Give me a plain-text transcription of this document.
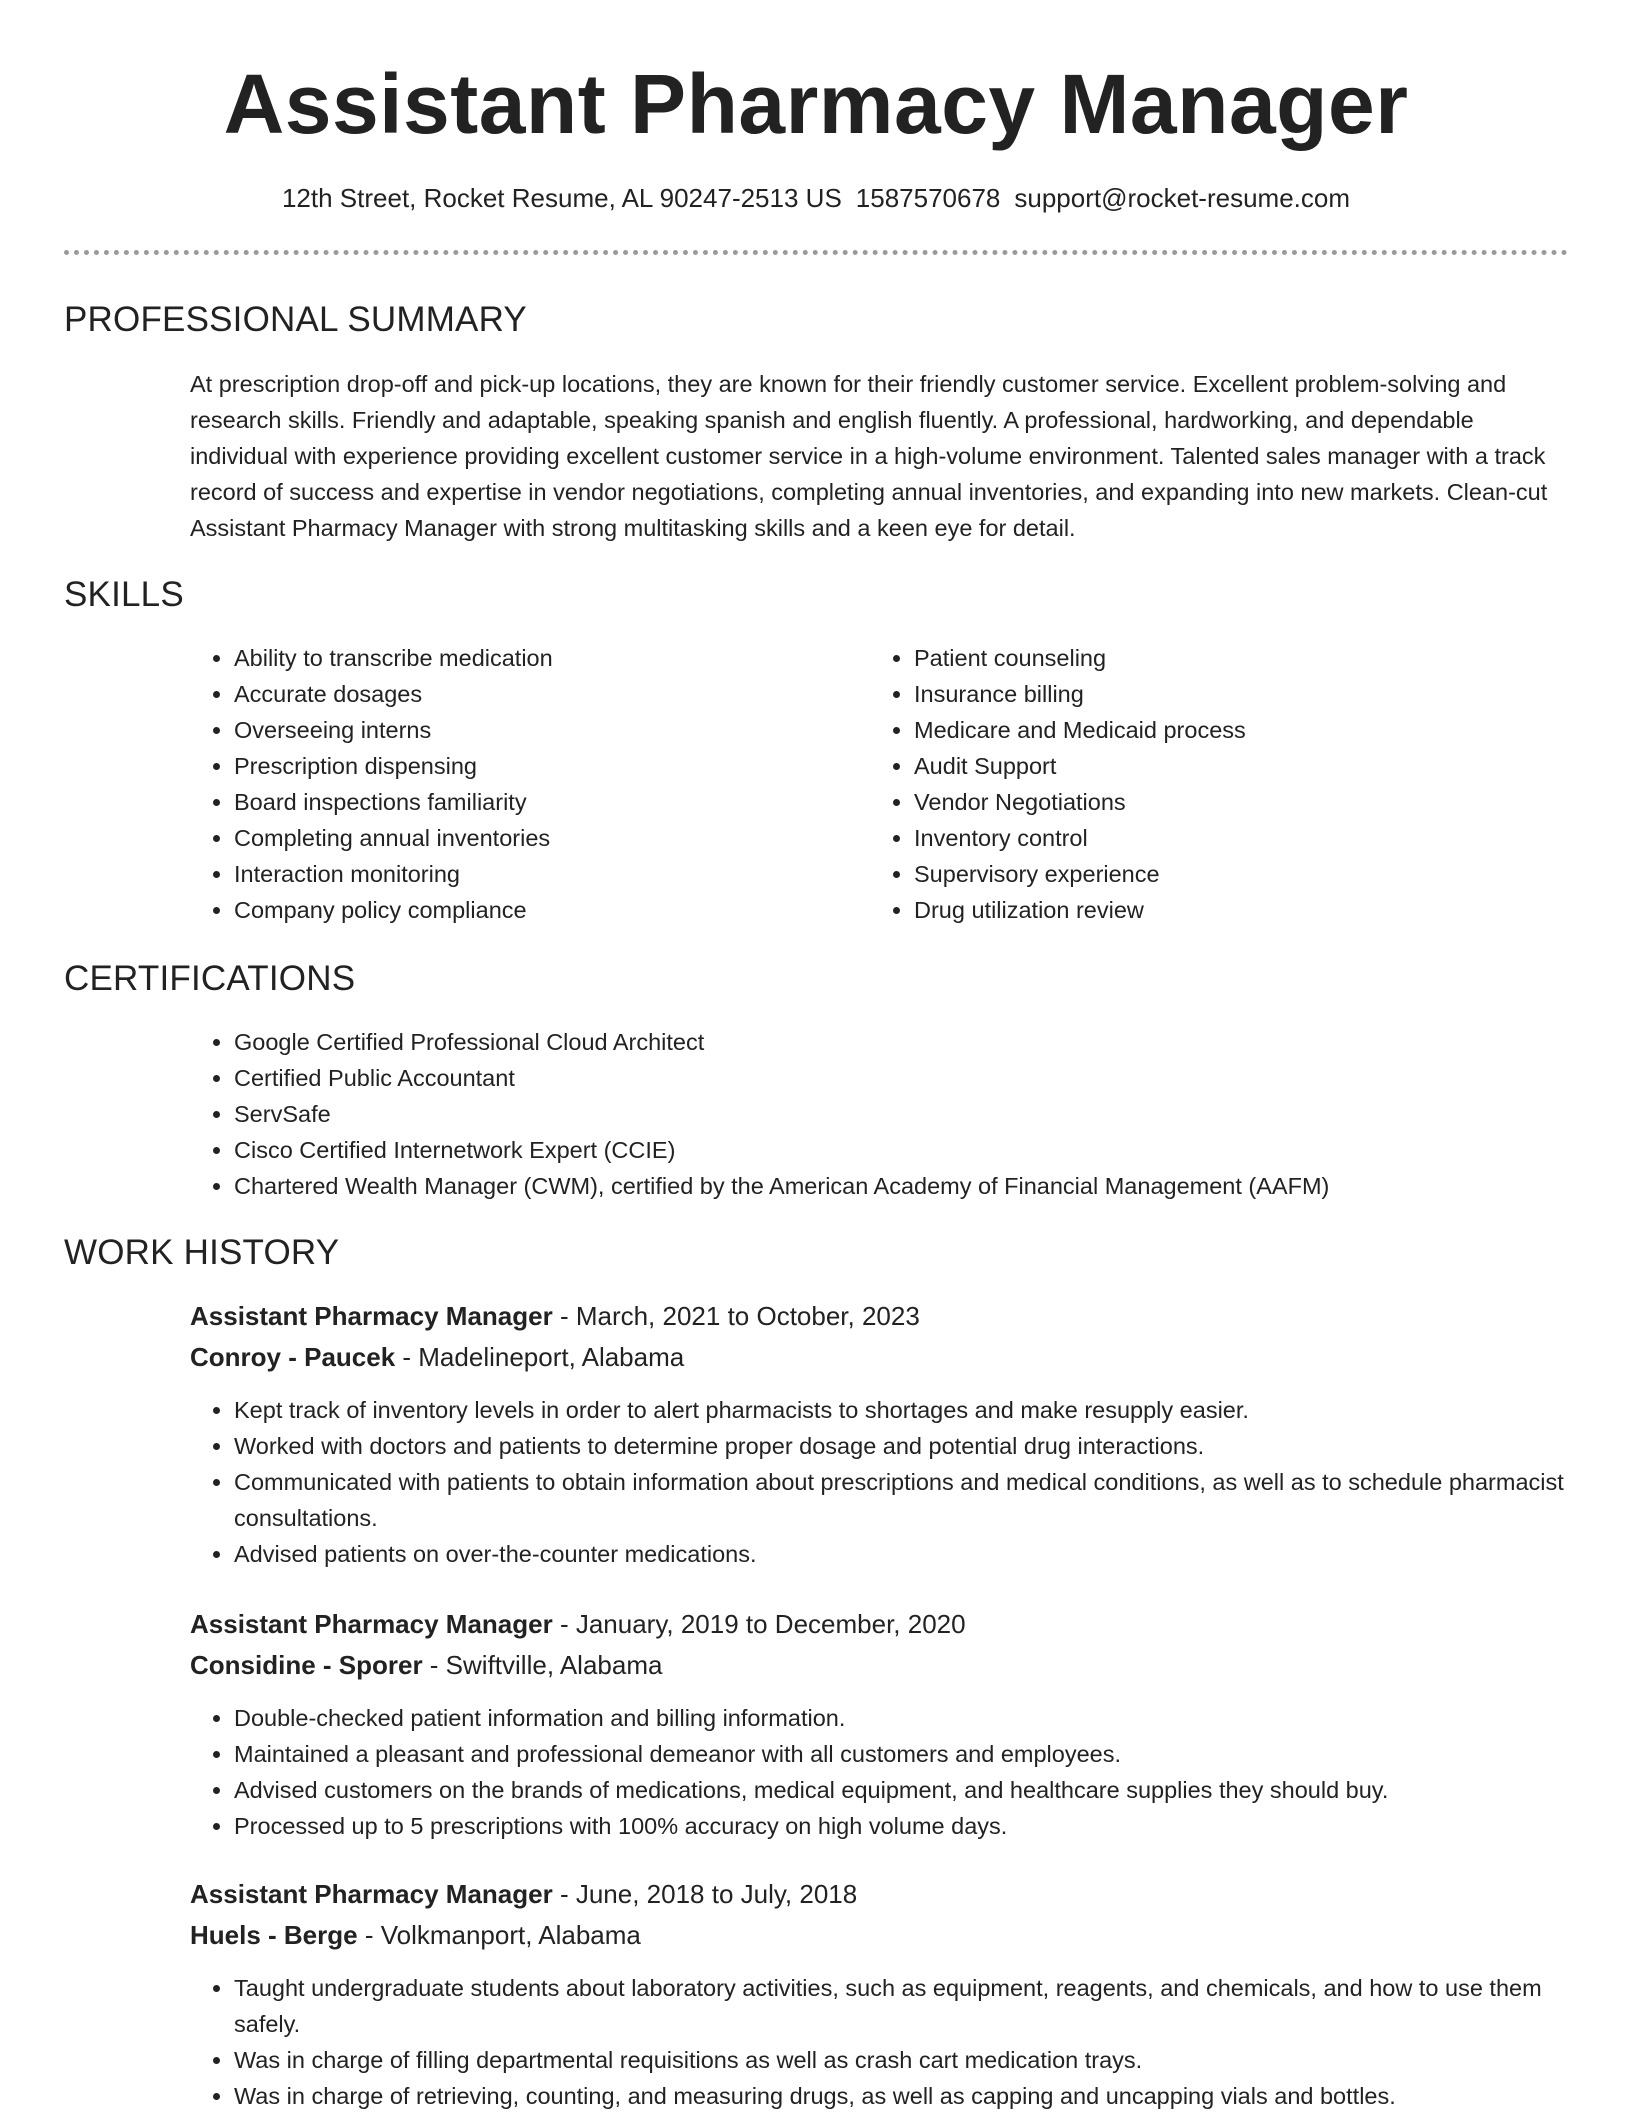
Assistant Pharmacy Manager
12th Street, Rocket Resume, AL 90247-2513 US 1587570678 support@rocket-resume.com
PROFESSIONAL SUMMARY

At prescription drop-off and pick-up locations, they are known for their friendly customer service. Excellent problem-solving and research skills. Friendly and adaptable, speaking spanish and english fluently. A professional, hardworking, and dependable individual with experience providing excellent customer service in a high-volume environment. Talented sales manager with a track record of success and expertise in vendor negotiations, completing annual inventories, and expanding into new markets. Clean-cut Assistant Pharmacy Manager with strong multitasking skills and a keen eye for detail.

SKILLS
• Ability to transcribe medication
• Accurate dosages
• Overseeing interns
• Prescription dispensing
• Board inspections familiarity
• Completing annual inventories
• Interaction monitoring
• Company policy compliance
• Patient counseling
• Insurance billing
• Medicare and Medicaid process
• Audit Support
• Vendor Negotiations
• Inventory control
• Supervisory experience
• Drug utilization review
CERTIFICATIONS
• Google Certified Professional Cloud Architect
• Certified Public Accountant
• ServSafe
• Cisco Certified Internetwork Expert (CCIE)
• Chartered Wealth Manager (CWM), certified by the American Academy of Financial Management (AAFM)
WORK HISTORY
Assistant Pharmacy Manager - March, 2021 to October, 2023
Conroy - Paucek - Madelineport, Alabama
• Kept track of inventory levels in order to alert pharmacists to shortages and make resupply easier.
• Worked with doctors and patients to determine proper dosage and potential drug interactions.
• Communicated with patients to obtain information about prescriptions and medical conditions, as well as to schedule pharmacist consultations.
• Advised patients on over-the-counter medications.
Assistant Pharmacy Manager - January, 2019 to December, 2020
Considine - Sporer - Swiftville, Alabama
• Double-checked patient information and billing information.
• Maintained a pleasant and professional demeanor with all customers and employees.
• Advised customers on the brands of medications, medical equipment, and healthcare supplies they should buy.
• Processed up to 5 prescriptions with 100% accuracy on high volume days.
Assistant Pharmacy Manager - June, 2018 to July, 2018
Huels - Berge - Volkmanport, Alabama
• Taught undergraduate students about laboratory activities, such as equipment, reagents, and chemicals, and how to use them safely.
• Was in charge of filling departmental requisitions as well as crash cart medication trays.
• Was in charge of retrieving, counting, and measuring drugs, as well as capping and uncapping vials and bottles.
